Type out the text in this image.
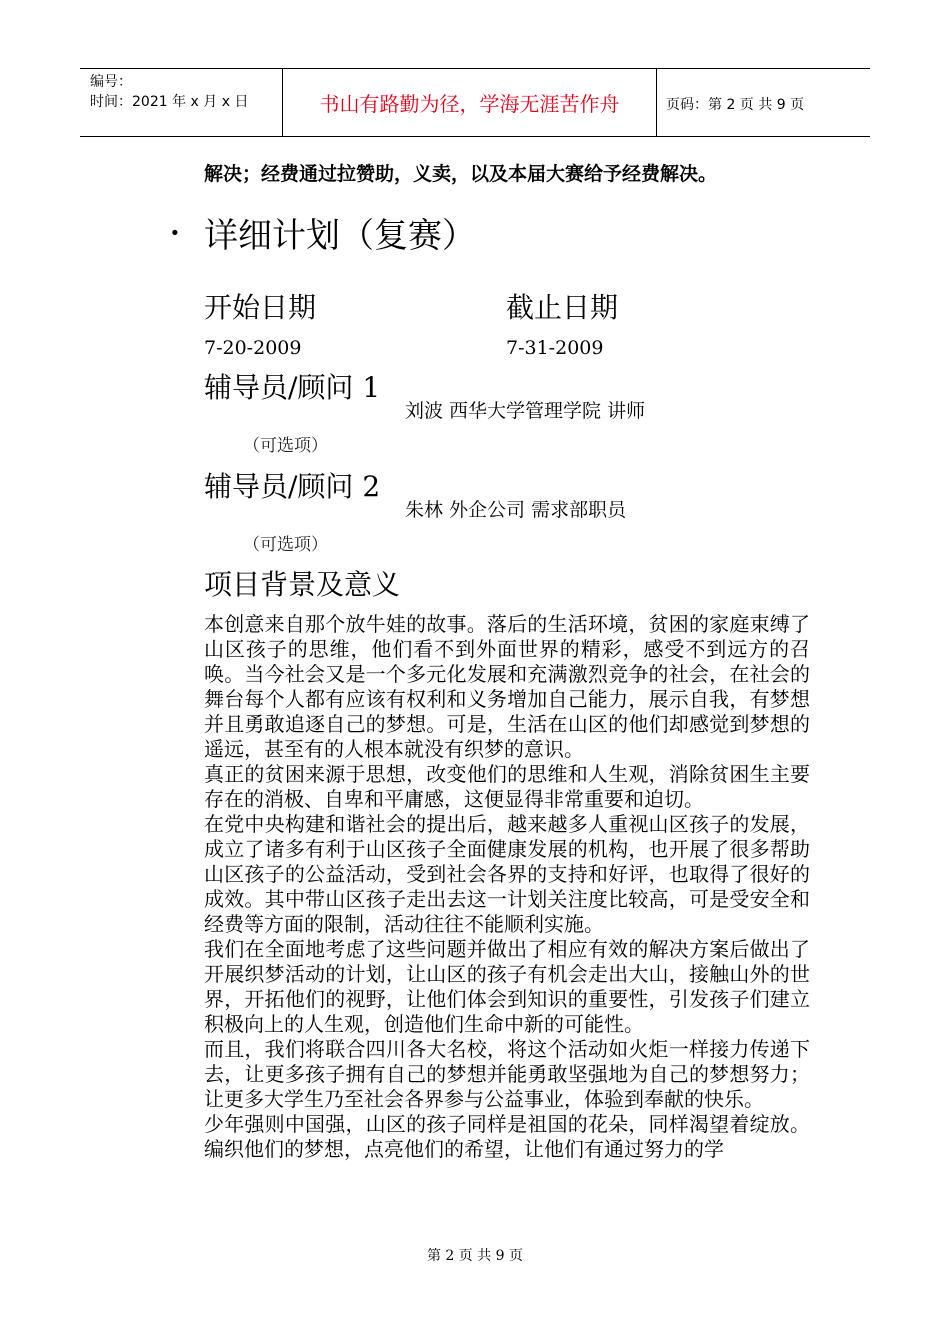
编号：
时间：2021 年 x 月 x 日	书山有路勤为径，学海无涯苦作舟	页码：第 2 页 共 9 页
解决；经费通过拉赞助，义卖，以及本届大赛给予经费解决。
· 详细计划（复赛）
开始日期	截止日期
7-20-2009	7-31-2009
辅导员/顾问 1
刘波 西华大学管理学院 讲师
（可选项）
辅导员/顾问 2
朱林 外企公司 需求部职员
（可选项）
项目背景及意义

本创意来自那个放牛娃的故事。落后的生活环境，贫困的家庭束缚了山区孩子的思维，他们看不到外面世界的精彩，感受不到远方的召唤。当今社会又是一个多元化发展和充满激烈竞争的社会，在社会的舞台每个人都有应该有权利和义务增加自己能力，展示自我，有梦想并且勇敢追逐自己的梦想。可是，生活在山区的他们却感觉到梦想的遥远，甚至有的人根本就没有织梦的意识。

真正的贫困来源于思想，改变他们的思维和人生观，消除贫困生主要存在的消极、自卑和平庸感，这便显得非常重要和迫切。

在党中央构建和谐社会的提出后，越来越多人重视山区孩子的发展，成立了诸多有利于山区孩子全面健康发展的机构，也开展了很多帮助山区孩子的公益活动，受到社会各界的支持和好评，也取得了很好的成效。其中带山区孩子走出去这一计划关注度比较高，可是受安全和经费等方面的限制，活动往往不能顺利实施。

我们在全面地考虑了这些问题并做出了相应有效的解决方案后做出了开展织梦活动的计划，让山区的孩子有机会走出大山，接触山外的世界，开拓他们的视野，让他们体会到知识的重要性，引发孩子们建立积极向上的人生观，创造他们生命中新的可能性。

而且，我们将联合四川各大名校，将这个活动如火炬一样接力传递下去，让更多孩子拥有自己的梦想并能勇敢坚强地为自己的梦想努力；让更多大学生乃至社会各界参与公益事业，体验到奉献的快乐。

少年强则中国强，山区的孩子同样是祖国的花朵，同样渴望着绽放。编织他们的梦想，点亮他们的希望，让他们有通过努力的学

第 2 页 共 9 页
